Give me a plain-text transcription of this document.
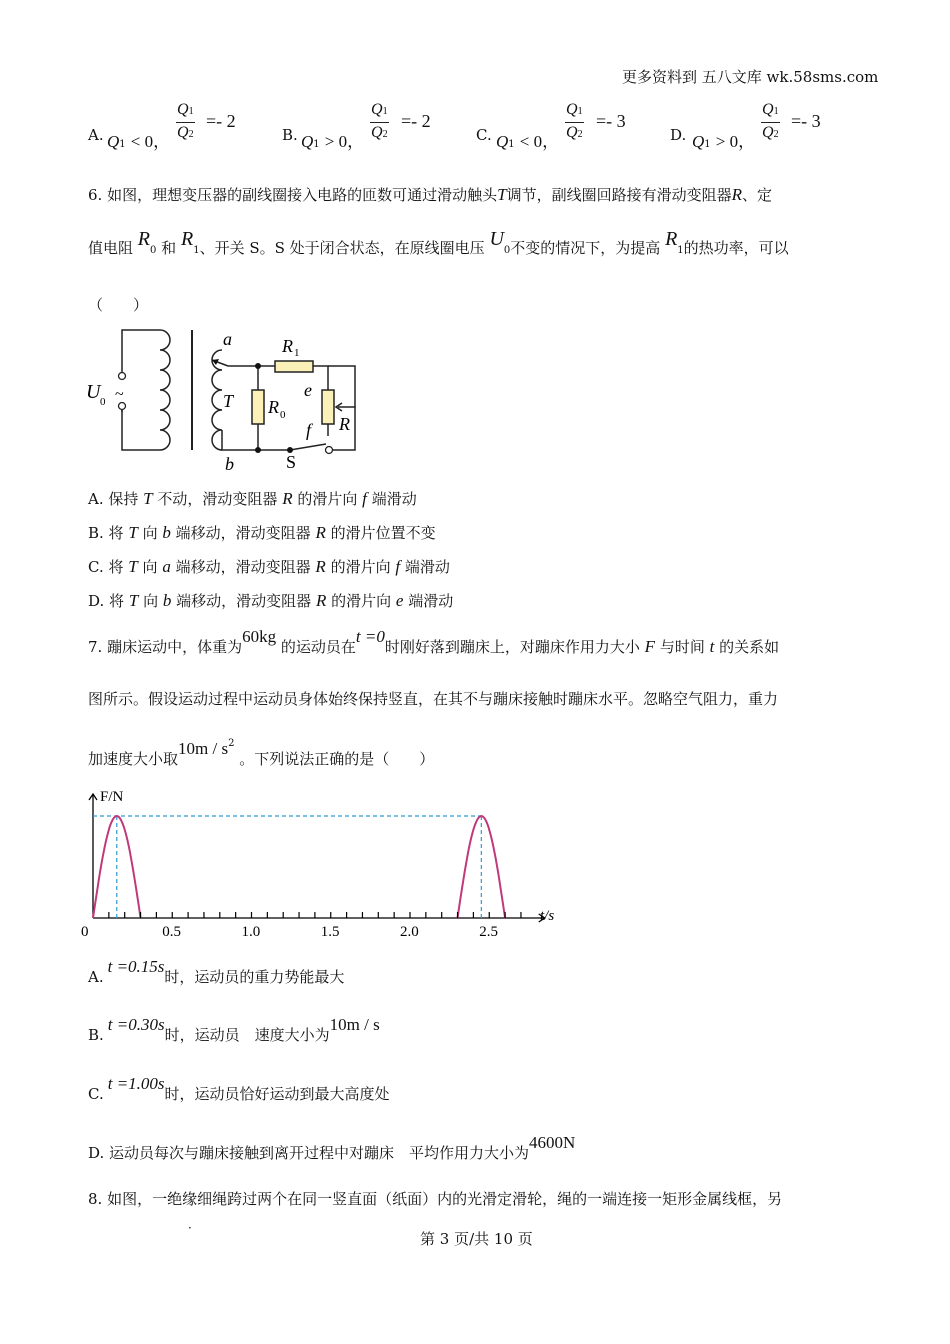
更多资料到 五八文库 wk.58sms.com
A. Q1 < 0， $\frac{Q1}{Q2} =- 2$
B. Q1 > 0， $\frac{Q1}{Q2} =- 2$
C. Q1 < 0， $\frac{Q1}{Q2} =- 3$
D. Q1 > 0， $\frac{Q1}{Q2} =- 3$
6. 如图，理想变压器的副线圈接入电路的匝数可通过滑动触头T调节，副线圈回路接有滑动变阻器R、定
值电阻 R0 和 R1、开关 S。S 处于闭合状态，在原线圈电压 U0不变的情况下，为提高 R1的热功率，可以
（　　）
U 0 ~
a
T
b
R 1
R 0
e
f R
S
A. 保持 T 不动，滑动变阻器 R 的滑片向 f 端滑动
B. 将 T 向 b 端移动，滑动变阻器 R 的滑片位置不变
C. 将 T 向 a 端移动，滑动变阻器 R 的滑片向 f 端滑动
D. 将 T 向 b 端移动，滑动变阻器 R 的滑片向 e 端滑动
7. 蹦床运动中，体重为60kg 的运动员在t =0时刚好落到蹦床上，对蹦床作用力大小 F 与时间 t 的关系如
图所示。假设运动过程中运动员身体始终保持竖直，在其不与蹦床接触时蹦床水平。忽略空气阻力，重力
加速度大小取$10m / s^2$ 。下列说法正确的是（　　）
0	0.5	1.0	1.5	2.0	2.5
F/N
t/s
A.t =0.15s时，运动员的重力势能最大
B.t =0.30s时，运动员　速度大小为10m / s
C.t =1.00s时，运动员恰好运动到最大高度处
D. 运动员每次与蹦床接触到离开过程中对蹦床　平均作用力大小为4600N
8. 如图，一绝缘细绳跨过两个在同一竖直面（纸面）内的光滑定滑轮，绳的一端连接一矩形金属线框，另
·
第 3 页/共 10 页
